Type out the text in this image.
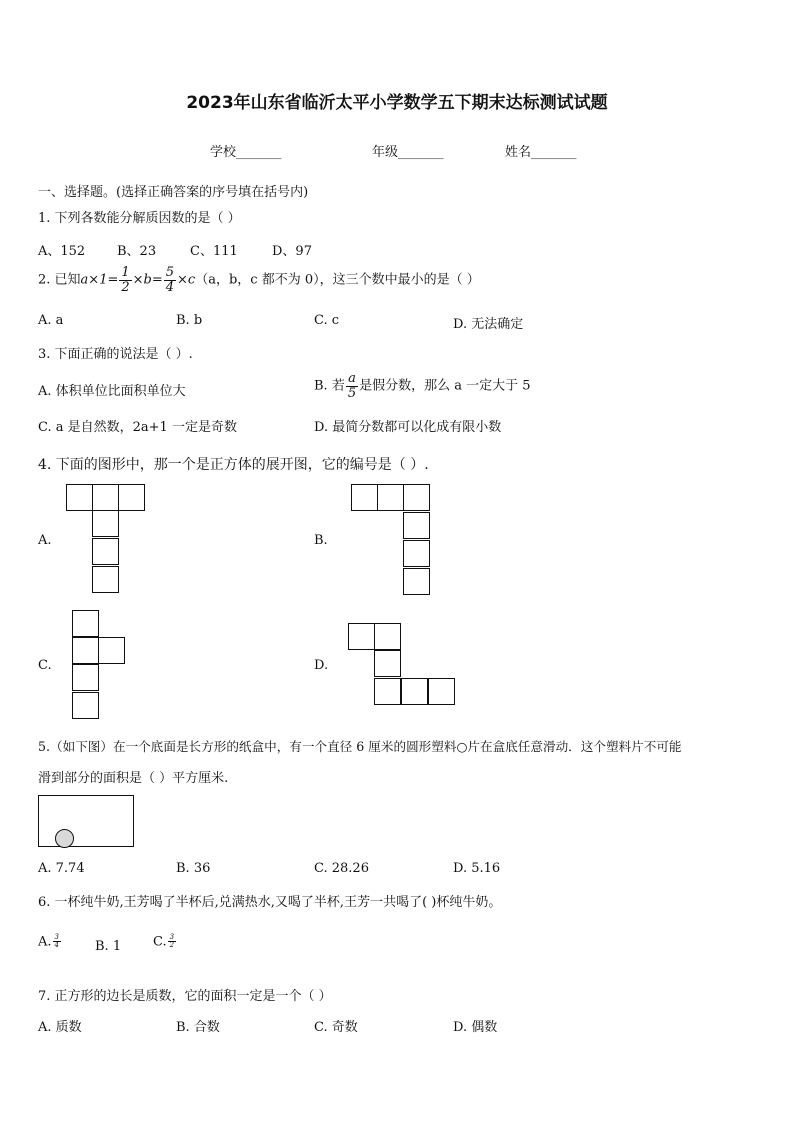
2023年山东省临沂太平小学数学五下期末达标测试试题
学校_______	年级_______	姓名_______
一、选择题。(选择正确答案的序号填在括号内)
1. 下列各数能分解质因数的是（ ）
A、152 B、23	C、111	D、97
2. 已知$a\times 1= \frac{1}{2} \times b= \frac{5}{4} \times c(a$，b，c 都不为 0），这三个数中最小的是（ ）
A. a	B. b	C. c	D. 无法确定
3. 下面正确的说法是（ ）.
A. 体积单位比面积单位大	B. 若 $\frac{a}{5}$ 是假分数，那么 a 一定大于 5
C. a 是自然数，2a+1 一定是奇数	D. 最简分数都可以化成有限小数
4. 下面的图形中，那一个是正方体的展开图，它的编号是（ ）.
A.	B.
C.	D.
5.（如下图）在一个底面是长方形的纸盒中，有一个直径 6 厘米的圆形塑料○片在盒底任意滑动．这个塑料片不可能
滑到部分的面积是（ ）平方厘米.
A. 7.74	B. 36	C. 28.26	D. 5.16
6. 一杯纯牛奶,王芳喝了半杯后,兑满热水,又喝了半杯,王芳一共喝了( )杯纯牛奶。
A. $\frac{3}{4}$	B. 1 C. $\frac{3}{2}$
7. 正方形的边长是质数，它的面积一定是一个（ ）
A. 质数	B. 合数	C. 奇数	D. 偶数
